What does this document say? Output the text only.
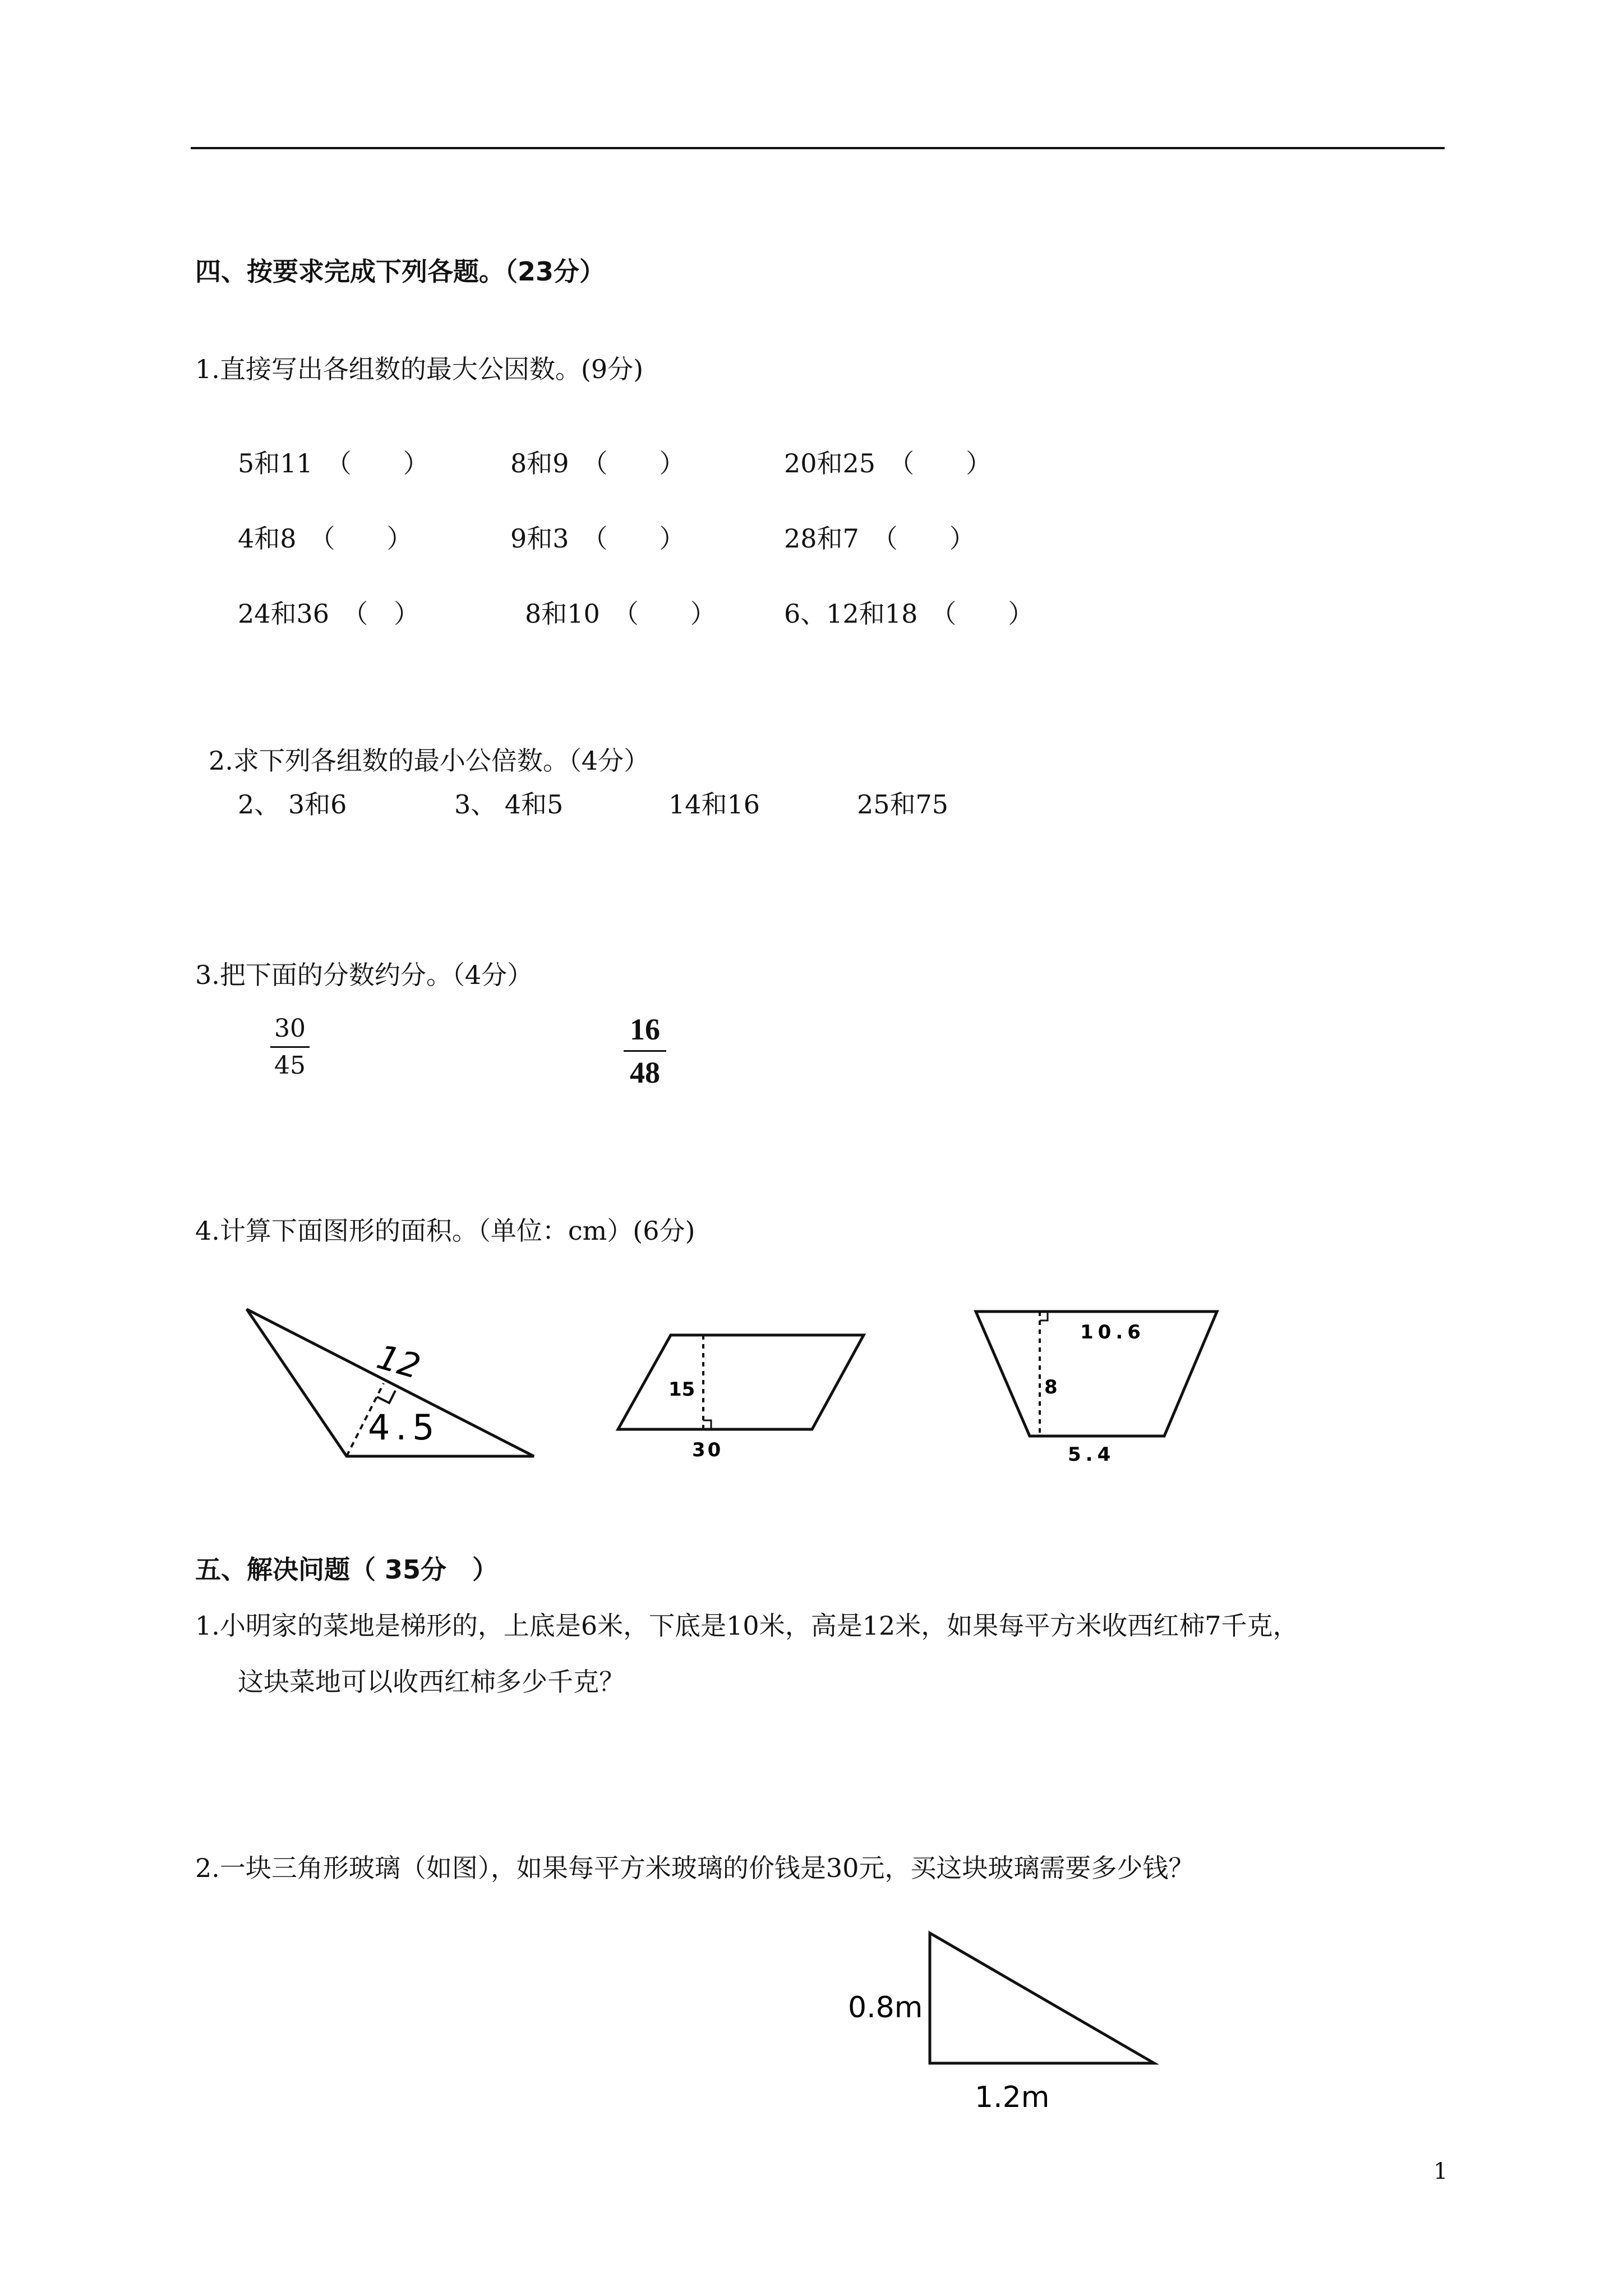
四、按要求完成下列各题。（23分）
1.直接写出各组数的最大公因数。(9分)
5和11　（　　）	8和9　（　　）	20和25　（　　）
4和8　（　　）	9和3　（　　）	28和7　（　　）
24和36　（　）	8和10　（　　）	6、12和18　（　　）
2.求下列各组数的最小公倍数。（4分）
2、 3和6	3、 4和5	14和16	25和75
3.把下面的分数约分。（4分）
30
45
16
48
4.计算下面图形的面积。（单位：cm）(6分)
12
4.5
15
30
10.6
8
5.4
0.8m
1.2m
五、解决问题（ 35分　）
1.小明家的菜地是梯形的，上底是6米，下底是10米，高是12米，如果每平方米收西红柿7千克，
这块菜地可以收西红柿多少千克？
2.一块三角形玻璃（如图），如果每平方米玻璃的价钱是30元，买这块玻璃需要多少钱？
1
